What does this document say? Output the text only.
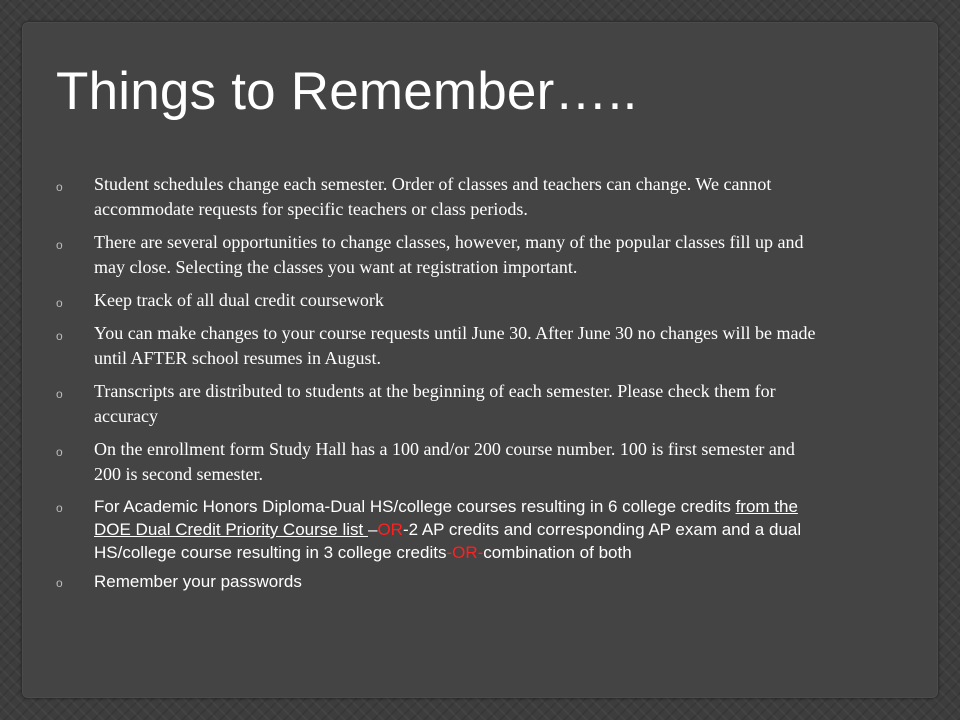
Things to Remember…..
o Student schedules change each semester. Order of classes and teachers can change. We cannot accommodate requests for specific teachers or class periods.
o There are several opportunities to change classes, however, many of the popular classes fill up and may close. Selecting the classes you want at registration important.
o Keep track of all dual credit coursework
o You can make changes to your course requests until June 30. After June 30 no changes will be made until AFTER school resumes in August.
o Transcripts are distributed to students at the beginning of each semester. Please check them for accuracy
o On the enrollment form Study Hall has a 100 and/or 200 course number. 100 is first semester and 200 is second semester.
o For Academic Honors Diploma-Dual HS/college courses resulting in 6 college credits from the DOE Dual Credit Priority Course list –OR-2 AP credits and corresponding AP exam and a dual HS/college course resulting in 3 college credits-OR-combination of both
o Remember your passwords
